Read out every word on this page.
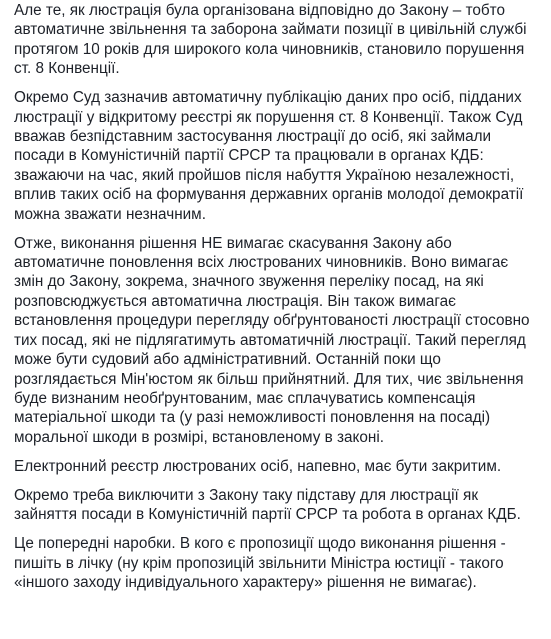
Але те, як люстрація була організована відповідно до Закону – тобто
автоматичне звільнення та заборона займати позиції в цивільній службі
протягом 10 років для широкого кола чиновників, становило порушення
ст. 8 Конвенції.

Окремо Суд зазначив автоматичну публікацію даних про осіб, підданих
люстрації у відкритому реєстрі як порушення ст. 8 Конвенції. Також Суд
вважав безпідставним застосування люстрації до осіб, які займали
посади в Комуністичній партії СРСР та працювали в органах КДБ:
зважаючи на час, який пройшов після набуття Україною незалежності,
вплив таких осіб на формування державних органів молодої демократії
можна зважати незначним.

Отже, виконання рішення НЕ вимагає скасування Закону або
автоматичне поновлення всіх люстрованих чиновників. Воно вимагає
змін до Закону, зокрема, значного звуження переліку посад, на які
розповсюджується автоматична люстрація. Він також вимагає
встановлення процедури перегляду обґрунтованості люстрації стосовно
тих посад, які не підлягатимуть автоматичній люстрації. Такий перегляд
може бути судовий або адміністративний. Останній поки що
розглядається Мін'юстом як більш прийнятний. Для тих, чиє звільнення
буде визнаним необґрунтованим, має сплачуватись компенсація
матеріальної шкоди та (у разі неможливості поновлення на посаді)
моральної шкоди в розмірі, встановленому в законі.

Електронний реєстр люстрованих осіб, напевно, має бути закритим.

Окремо треба виключити з Закону таку підставу для люстрації як
зайняття посади в Комуністичній партії СРСР та робота в органах КДБ.

Це попередні наробки. В кого є пропозиції щодо виконання рішення -
пишіть в лічку (ну крім пропозицій звільнити Міністра юстиції - такого
«іншого заходу індивідуального характеру» рішення не вимагає).
